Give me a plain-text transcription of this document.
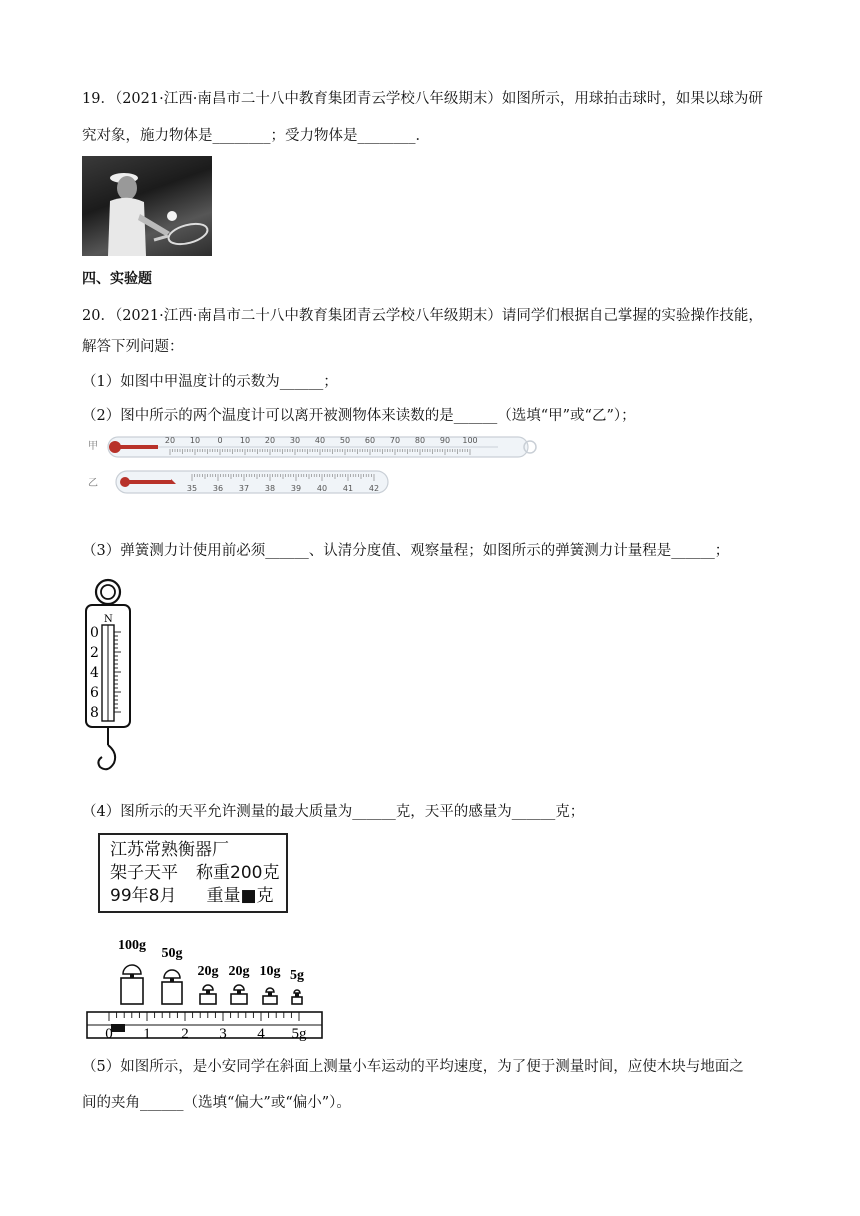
19．（2021·江西·南昌市二十八中教育集团青云学校八年级期末）如图所示，用球拍击球时，如果以球为研
究对象，施力物体是________；受力物体是________．
四、实验题
20．（2021·江西·南昌市二十八中教育集团青云学校八年级期末）请同学们根据自己掌握的实验操作技能，
解答下列问题：
（1）如图中甲温度计的示数为______；
（2）图中所示的两个温度计可以离开被测物体来读数的是______（选填“甲”或“乙”）；
甲
20 10 0 10 20 30 40 50 60 70 80 90 100
乙	35 36 37 38 39 40 41 42
（3）弹簧测力计使用前必须______、认清分度值、观察量程；如图所示的弹簧测力计量程是______；
N
0
2
4
6
8
（4）图所示的天平允许测量的最大质量为______克，天平的感量为______克；
江苏常熟衡器厂
架子天平 称重200克
99年8月 重量■克
100g
50g
20g 20g 10g 5g
0 1 2 3 4 5g
（5）如图所示，是小安同学在斜面上测量小车运动的平均速度，为了便于测量时间，应使木块与地面之
间的夹角______（选填“偏大”或“偏小”）。
